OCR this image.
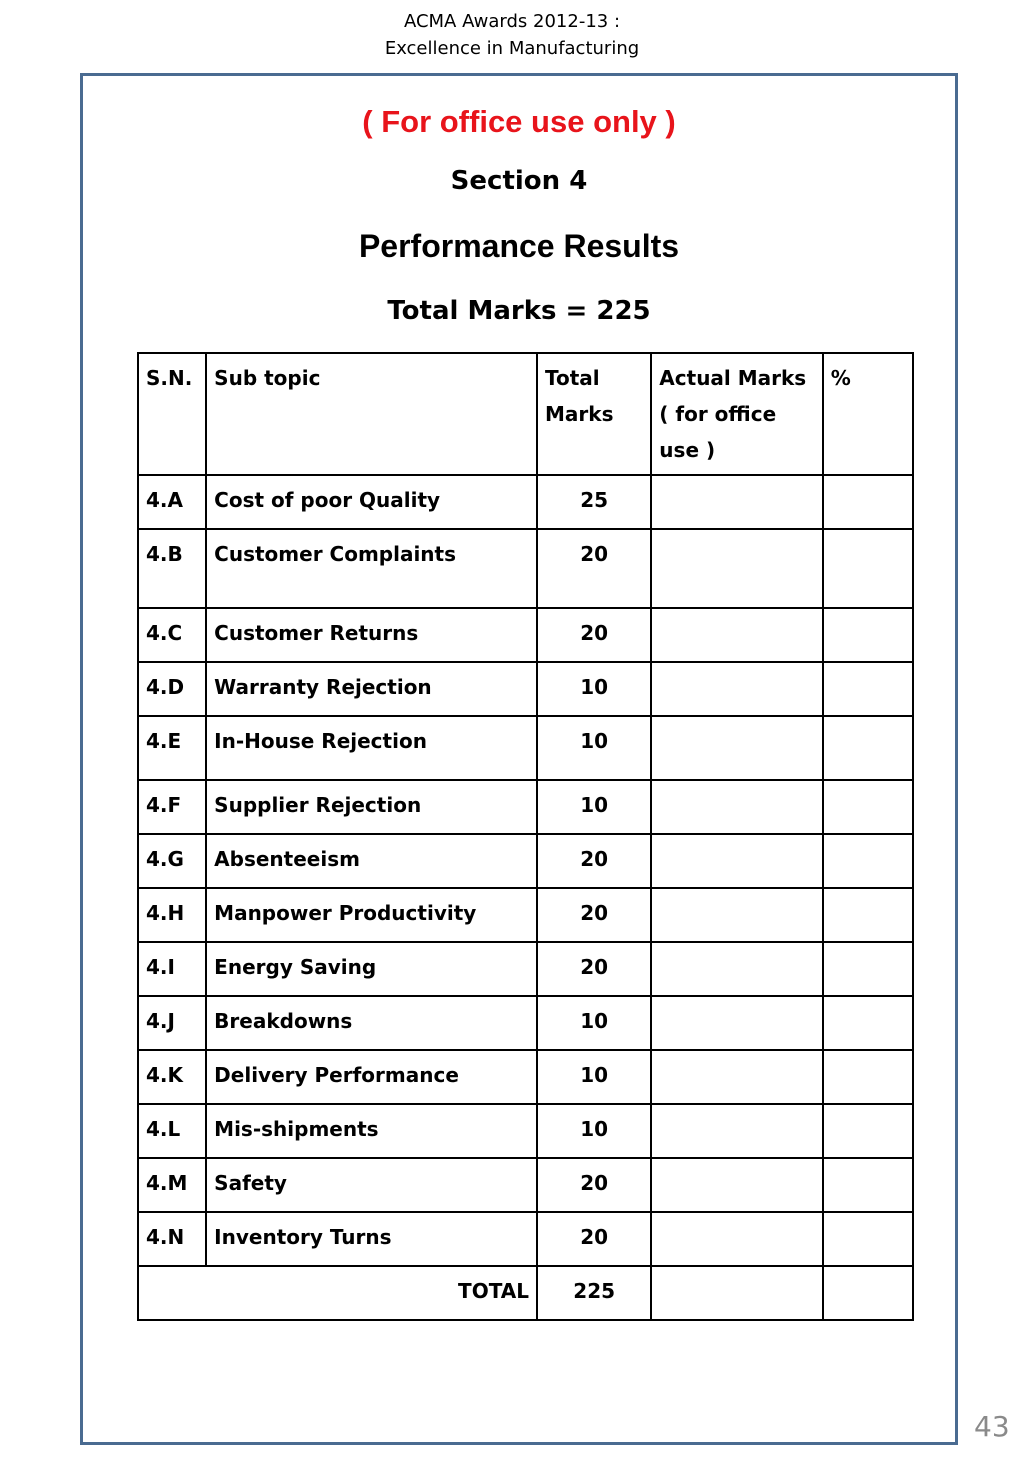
ACMA Awards 2012-13 :
Excellence in Manufacturing
( For office use only )
Section 4
Performance Results
Total Marks = 225
S.N.	Sub topic	Total Marks	Actual Marks ( for office use )	%
4.A	Cost of poor Quality	25		
4.B	Customer Complaints	20		
4.C	Customer Returns	20		
4.D	Warranty Rejection	10		
4.E	In-House Rejection	10		
4.F	Supplier Rejection	10		
4.G	Absenteeism	20		
4.H	Manpower Productivity	20		
4.I	Energy Saving	20		
4.J	Breakdowns	10		
4.K	Delivery Performance	10		
4.L	Mis-shipments	10		
4.M	Safety	20		
4.N	Inventory Turns	20		
TOTAL		225		
43
